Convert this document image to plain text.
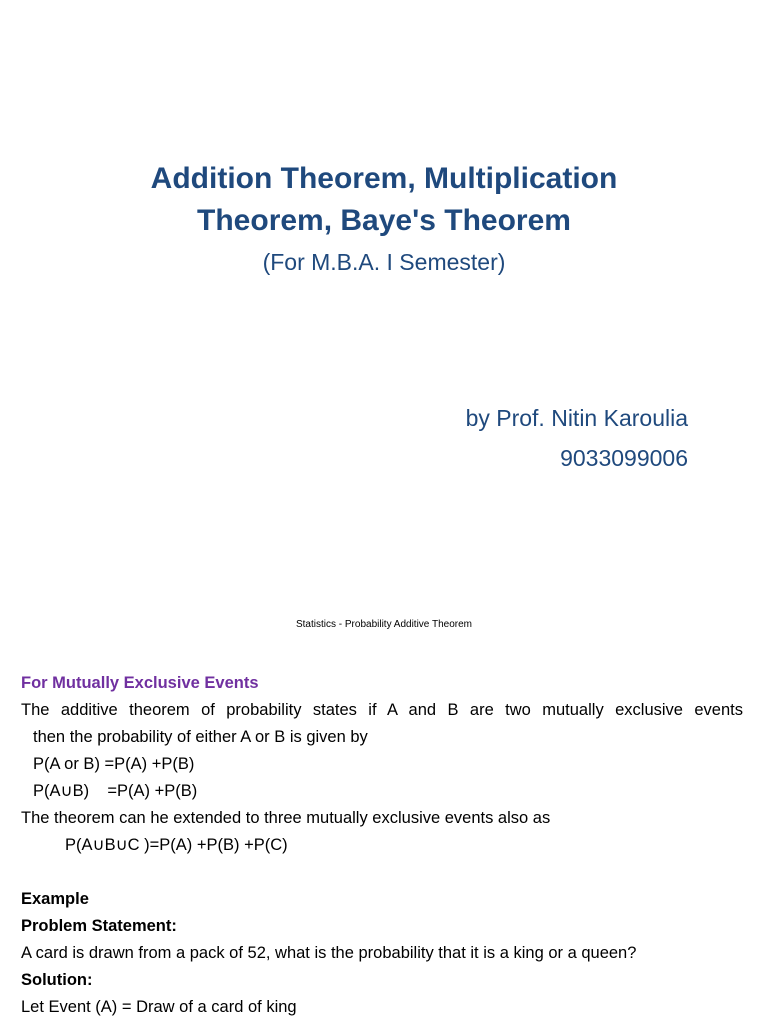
Addition Theorem, Multiplication
Theorem, Baye's Theorem
(For M.B.A. I Semester)
by Prof. Nitin Karoulia
9033099006
Statistics - Probability Additive Theorem
For Mutually Exclusive Events
The additive theorem of probability states if A and B are two mutually exclusive events
then the probability of either A or B is given by
P(A or B) =P(A) +P(B)
P(A∪B)    =P(A) +P(B)
The theorem can he extended to three mutually exclusive events also as
P(A∪B∪C )=P(A) +P(B) +P(C)
Example
Problem Statement:
A card is drawn from a pack of 52, what is the probability that it is a king or a queen?
Solution:
Let Event (A) = Draw of a card of king
